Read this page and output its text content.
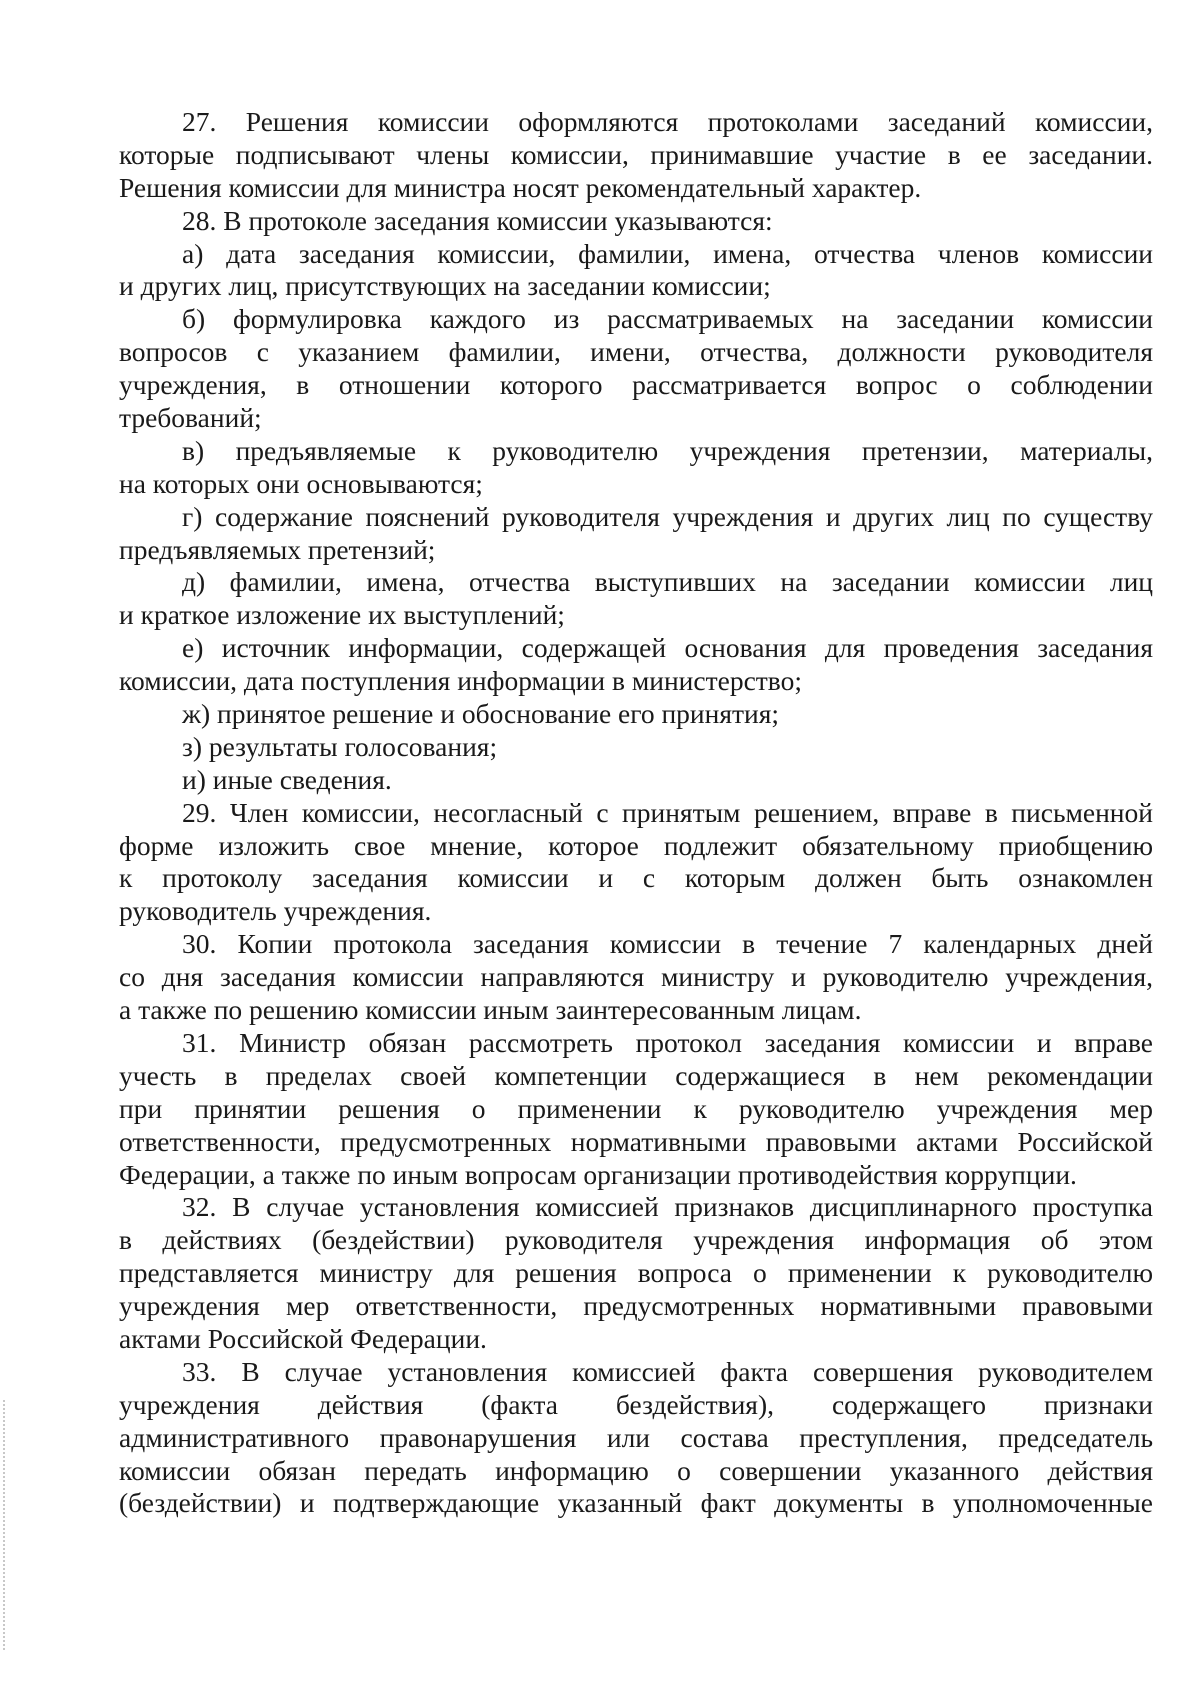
27. Решения комиссии оформляются протоколами заседаний комиссии,
которые подписывают члены комиссии, принимавшие участие в ее заседании.
Решения комиссии для министра носят рекомендательный характер.
28. В протоколе заседания комиссии указываются:
а) дата заседания комиссии, фамилии, имена, отчества членов комиссии
и других лиц, присутствующих на заседании комиссии;
б) формулировка каждого из рассматриваемых на заседании комиссии
вопросов с указанием фамилии, имени, отчества, должности руководителя
учреждения, в отношении которого рассматривается вопрос о соблюдении
требований;
в) предъявляемые к руководителю учреждения претензии, материалы,
на которых они основываются;
г) содержание пояснений руководителя учреждения и других лиц по существу
предъявляемых претензий;
д) фамилии, имена, отчества выступивших на заседании комиссии лиц
и краткое изложение их выступлений;
е) источник информации, содержащей основания для проведения заседания
комиссии, дата поступления информации в министерство;
ж) принятое решение и обоснование его принятия;
з) результаты голосования;
и) иные сведения.
29. Член комиссии, несогласный с принятым решением, вправе в письменной
форме изложить свое мнение, которое подлежит обязательному приобщению
к протоколу заседания комиссии и с которым должен быть ознакомлен
руководитель учреждения.
30. Копии протокола заседания комиссии в течение 7 календарных дней
со дня заседания комиссии направляются министру и руководителю учреждения,
а также по решению комиссии иным заинтересованным лицам.
31. Министр обязан рассмотреть протокол заседания комиссии и вправе
учесть в пределах своей компетенции содержащиеся в нем рекомендации
при принятии решения о применении к руководителю учреждения мер
ответственности, предусмотренных нормативными правовыми актами Российской
Федерации, а также по иным вопросам организации противодействия коррупции.
32. В случае установления комиссией признаков дисциплинарного проступка
в действиях (бездействии) руководителя учреждения информация об этом
представляется министру для решения вопроса о применении к руководителю
учреждения мер ответственности, предусмотренных нормативными правовыми
актами Российской Федерации.
33. В случае установления комиссией факта совершения руководителем
учреждения действия (факта бездействия), содержащего признаки
административного правонарушения или состава преступления, председатель
комиссии обязан передать информацию о совершении указанного действия
(бездействии) и подтверждающие указанный факт документы в уполномоченные
